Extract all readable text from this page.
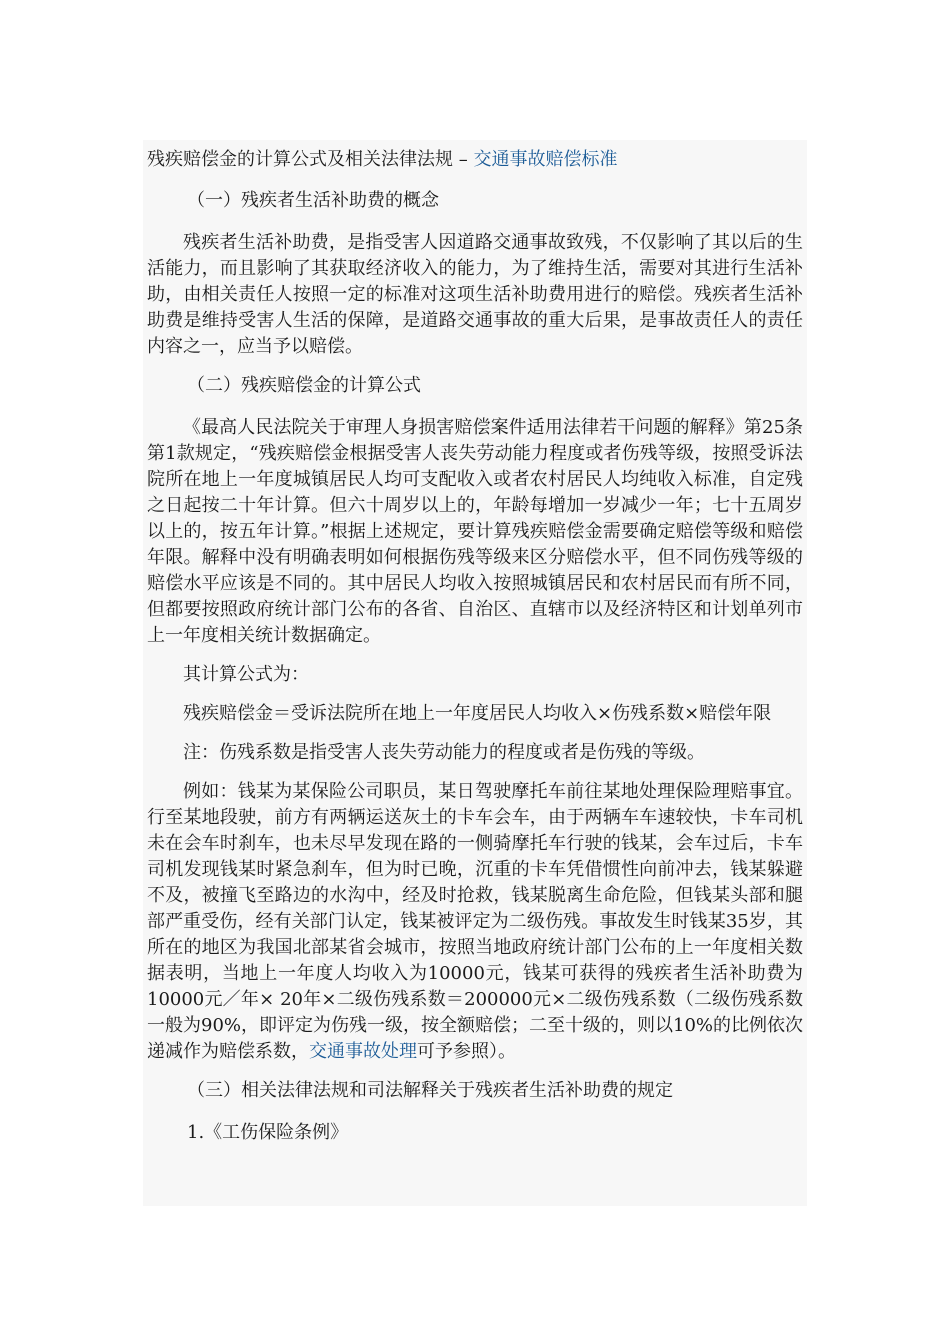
残疾赔偿金的计算公式及相关法律法规 – 交通事故赔偿标准

（一）残疾者生活补助费的概念

残疾者生活补助费，是指受害人因道路交通事故致残，不仅影响了其以后的生活能力，而且影响了其获取经济收入的能力，为了维持生活，需要对其进行生活补助，由相关责任人按照一定的标准对这项生活补助费用进行的赔偿。残疾者生活补助费是维持受害人生活的保障，是道路交通事故的重大后果，是事故责任人的责任内容之一，应当予以赔偿。

（二）残疾赔偿金的计算公式

《最高人民法院关于审理人身损害赔偿案件适用法律若干问题的解释》第25条第1款规定，“残疾赔偿金根据受害人丧失劳动能力程度或者伤残等级，按照受诉法院所在地上一年度城镇居民人均可支配收入或者农村居民人均纯收入标准，自定残之日起按二十年计算。但六十周岁以上的，年龄每增加一岁减少一年；七十五周岁以上的，按五年计算。”根据上述规定，要计算残疾赔偿金需要确定赔偿等级和赔偿年限。解释中没有明确表明如何根据伤残等级来区分赔偿水平，但不同伤残等级的赔偿水平应该是不同的。其中居民人均收入按照城镇居民和农村居民而有所不同，但都要按照政府统计部门公布的各省、自治区、直辖市以及经济特区和计划单列市上一年度相关统计数据确定。

其计算公式为：

残疾赔偿金＝受诉法院所在地上一年度居民人均收入×伤残系数×赔偿年限

注：伤残系数是指受害人丧失劳动能力的程度或者是伤残的等级。

例如：钱某为某保险公司职员，某日驾驶摩托车前往某地处理保险理赔事宜。行至某地段驶，前方有两辆运送灰土的卡车会车，由于两辆车车速较快，卡车司机未在会车时刹车，也未尽早发现在路的一侧骑摩托车行驶的钱某，会车过后，卡车司机发现钱某时紧急刹车，但为时已晚，沉重的卡车凭借惯性向前冲去，钱某躲避不及，被撞飞至路边的水沟中，经及时抢救，钱某脱离生命危险，但钱某头部和腿部严重受伤，经有关部门认定，钱某被评定为二级伤残。事故发生时钱某35岁，其所在的地区为我国北部某省会城市，按照当地政府统计部门公布的上一年度相关数据表明，当地上一年度人均收入为10000元，钱某可获得的残疾者生活补助费为10000元／年× 20年×二级伤残系数＝200000元×二级伤残系数（二级伤残系数一般为90%，即评定为伤残一级，按全额赔偿；二至十级的，则以10%的比例依次递减作为赔偿系数，交通事故处理可予参照）。

（三）相关法律法规和司法解释关于残疾者生活补助费的规定

1.《工伤保险条例》
